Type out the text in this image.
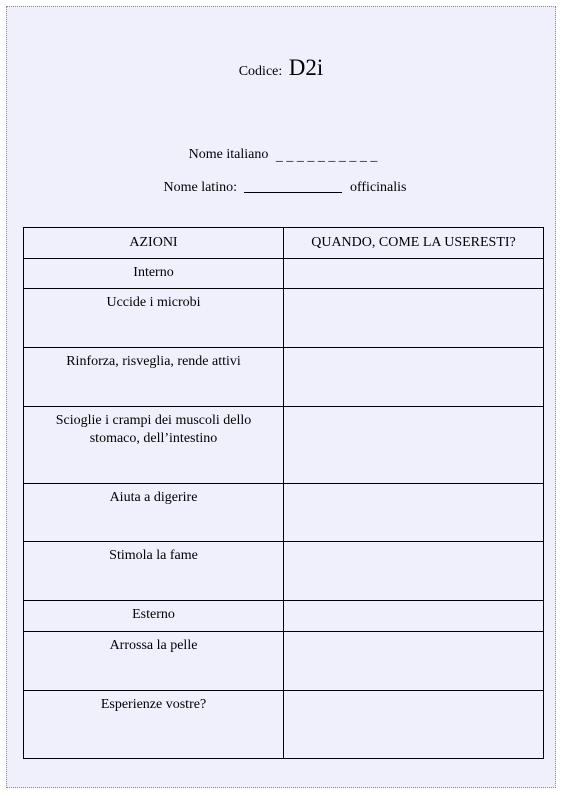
Codice: D2i
Nome italiano _ _ _ _ _ _ _ _ _ _
Nome latino:	officinalis
AZIONI	QUANDO, COME LA USERESTI?
Interno	
Uccide i microbi	
Rinforza, risveglia, rende attivi	
Scioglie i crampi dei muscoli dello stomaco, dell’intestino	
Aiuta a digerire	
Stimola la fame	
Esterno	
Arrossa la pelle	
Esperienze vostre?	
